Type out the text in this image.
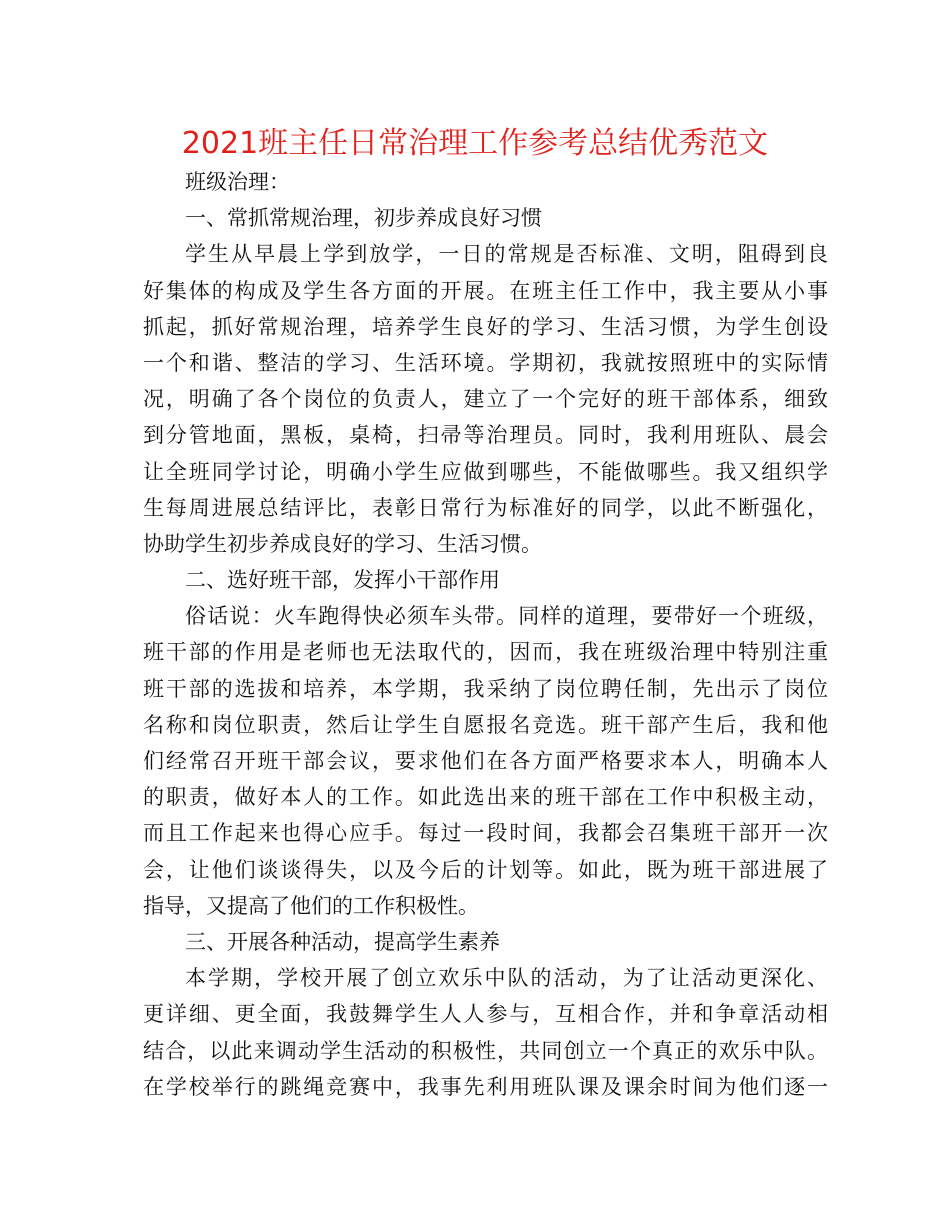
2021班主任日常治理工作参考总结优秀范文
班级治理：
一、常抓常规治理，初步养成良好习惯
学生从早晨上学到放学，一日的常规是否标准、文明，阻碍到良
好集体的构成及学生各方面的开展。在班主任工作中，我主要从小事
抓起，抓好常规治理，培养学生良好的学习、生活习惯，为学生创设
一个和谐、整洁的学习、生活环境。学期初，我就按照班中的实际情
况，明确了各个岗位的负责人，建立了一个完好的班干部体系，细致
到分管地面，黑板，桌椅，扫帚等治理员。同时，我利用班队、晨会
让全班同学讨论，明确小学生应做到哪些，不能做哪些。我又组织学
生每周进展总结评比，表彰日常行为标准好的同学，以此不断强化，
协助学生初步养成良好的学习、生活习惯。
二、选好班干部，发挥小干部作用
俗话说：火车跑得快必须车头带。同样的道理，要带好一个班级，
班干部的作用是老师也无法取代的，因而，我在班级治理中特别注重
班干部的选拔和培养，本学期，我采纳了岗位聘任制，先出示了岗位
名称和岗位职责，然后让学生自愿报名竞选。班干部产生后，我和他
们经常召开班干部会议，要求他们在各方面严格要求本人，明确本人
的职责，做好本人的工作。如此选出来的班干部在工作中积极主动，
而且工作起来也得心应手。每过一段时间，我都会召集班干部开一次
会，让他们谈谈得失，以及今后的计划等。如此，既为班干部进展了
指导，又提高了他们的工作积极性。
三、开展各种活动，提高学生素养
本学期，学校开展了创立欢乐中队的活动，为了让活动更深化、
更详细、更全面，我鼓舞学生人人参与，互相合作，并和争章活动相
结合，以此来调动学生活动的积极性，共同创立一个真正的欢乐中队。
在学校举行的跳绳竞赛中，我事先利用班队课及课余时间为他们逐一
